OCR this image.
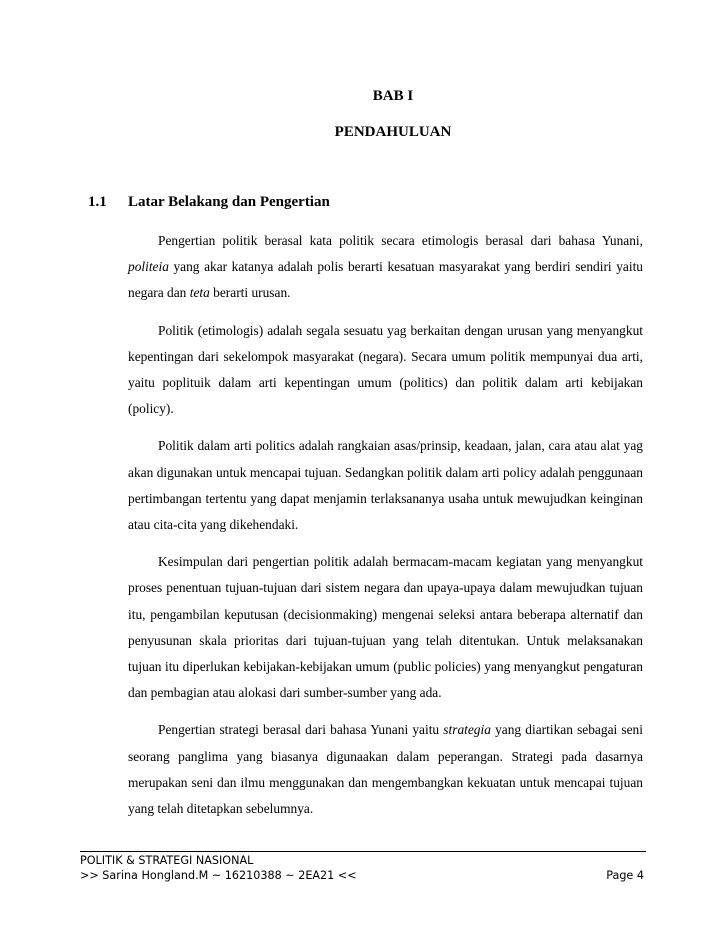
BAB I
PENDAHULUAN
1.1 Latar Belakang dan Pengertian

Pengertian politik berasal kata politik secara etimologis berasal dari bahasa Yunani, politeia yang akar katanya adalah polis berarti kesatuan masyarakat yang berdiri sendiri yaitu negara dan teta berarti urusan.

Politik (etimologis) adalah segala sesuatu yag berkaitan dengan urusan yang menyangkut kepentingan dari sekelompok masyarakat (negara). Secara umum politik mempunyai dua arti, yaitu poplituik dalam arti kepentingan umum (politics) dan politik dalam arti kebijakan (policy).

Politik dalam arti politics adalah rangkaian asas/prinsip, keadaan, jalan, cara atau alat yag akan digunakan untuk mencapai tujuan. Sedangkan politik dalam arti policy adalah penggunaan pertimbangan tertentu yang dapat menjamin terlaksananya usaha untuk mewujudkan keinginan atau cita-cita yang dikehendaki.

Kesimpulan dari pengertian politik adalah bermacam-macam kegiatan yang menyangkut proses penentuan tujuan-tujuan dari sistem negara dan upaya-upaya dalam mewujudkan tujuan itu, pengambilan keputusan (decisionmaking) mengenai seleksi antara beberapa alternatif dan penyusunan skala prioritas dari tujuan-tujuan yang telah ditentukan. Untuk melaksanakan tujuan itu diperlukan kebijakan-kebijakan umum (public policies) yang menyangkut pengaturan dan pembagian atau alokasi dari sumber-sumber yang ada.

Pengertian strategi berasal dari bahasa Yunani yaitu strategia yang diartikan sebagai seni seorang panglima yang biasanya digunaakan dalam peperangan. Strategi pada dasarnya merupakan seni dan ilmu menggunakan dan mengembangkan kekuatan untuk mencapai tujuan yang telah ditetapkan sebelumnya.

POLITIK & STRATEGI NASIONAL
>> Sarina Hongland.M ~ 16210388 ~ 2EA21 <<	Page 4
